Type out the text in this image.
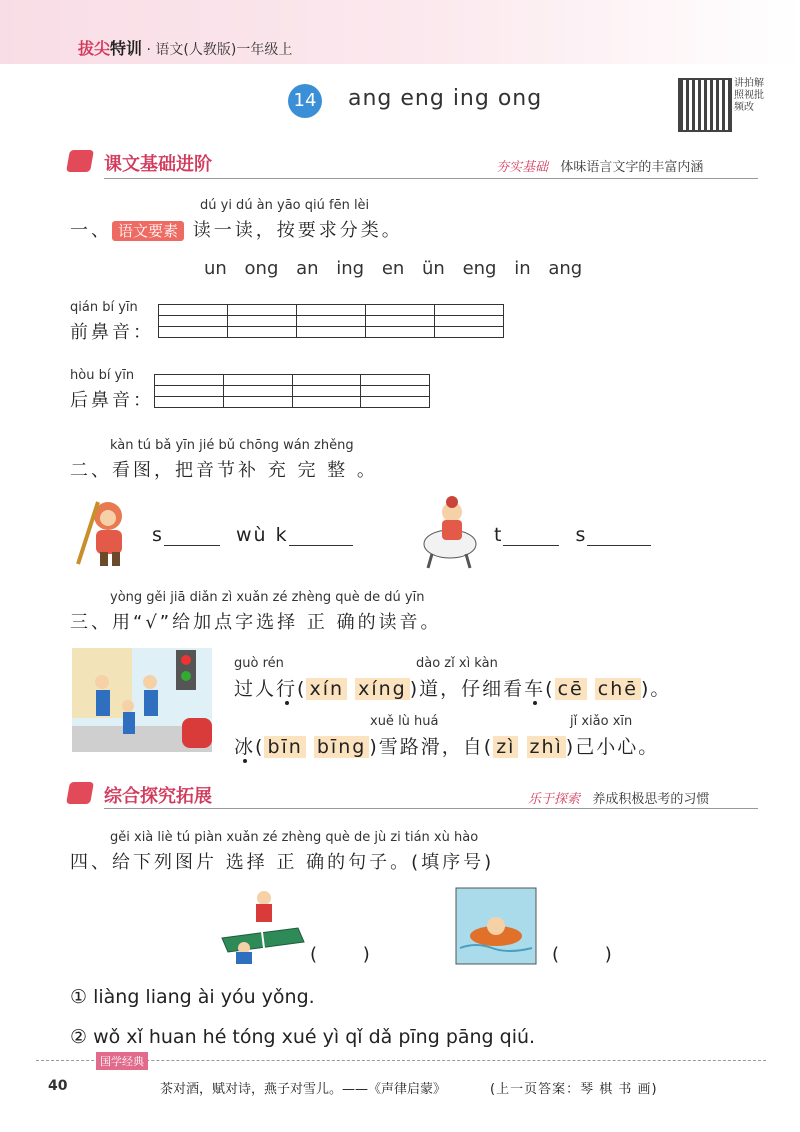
拔尖特训 · 语文(人教版)一年级上
14 ang eng ing ong
讲拍解照视批频改
课文基础进阶	夯实基础 体味语言文字的丰富内涵
dú yi dú àn yāo qiú fēn lèi
一、 语文要素 读一读，按要求分类。
un ong an ing en ün eng in ang
qián bí yīn
前鼻音：

hòu bí yīn
后鼻音：

kàn tú bǎ yīn jié bǔ chōng wán zhěng
二、看图，把音节补 充 完 整 。
s	wù k	t	s
yòng gěi jiā diǎn zì xuǎn zé zhèng què de dú yīn
三、用“√”给加点字选择 正 确的读音。
guò rén	dào zǐ xì kàn
过人行( xín xíng )道，仔细看车( cē chē )。
xuě lù huá	jǐ xiǎo xīn
冰( bīn bīng )雪路滑，自( zì zhì )己小心。
综合探究拓展	乐于探索 养成积极思考的习惯
gěi xià liè tú piàn xuǎn zé zhèng què de jù zi tián xù hào
四、给下列图片 选择 正 确的句子。(填序号)
( )	( )
① liàng liang ài yóu yǒng.
② wǒ xǐ huan hé tóng xué yì qǐ dǎ pīng pāng qiú.
国学经典
40	茶对酒，赋对诗，燕子对雪儿。——《声律启蒙》	(上一页答案：琴 棋 书 画)
